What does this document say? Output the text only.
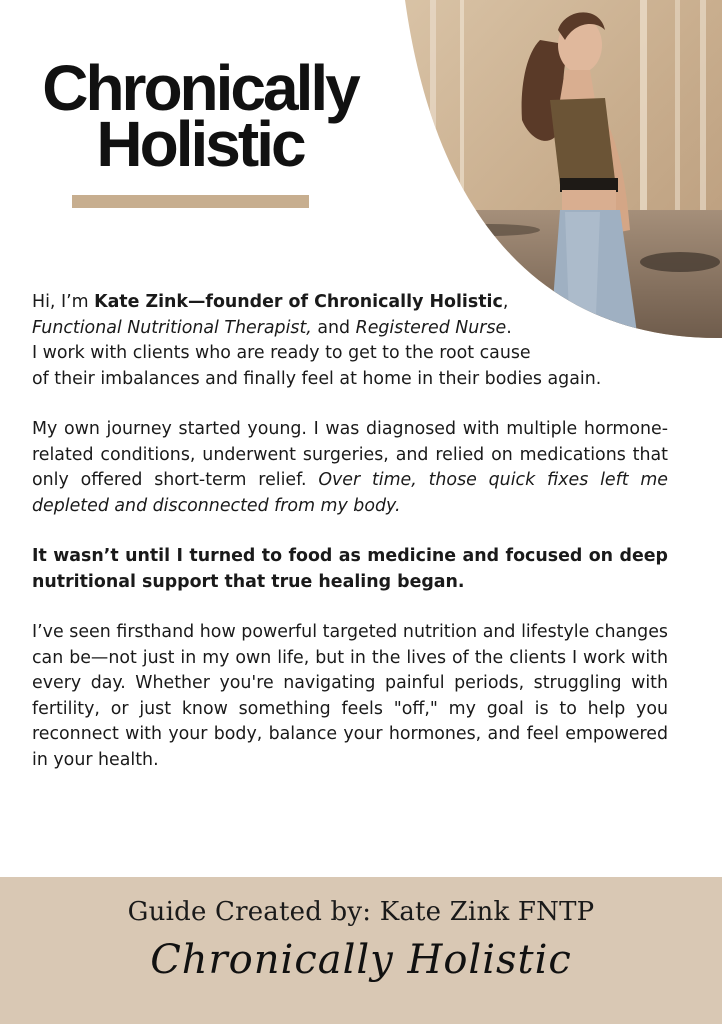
Chronically
Holistic

Hi, I’m Kate Zink—founder of Chronically Holistic,
Functional Nutritional Therapist, and Registered Nurse.
I work with clients who are ready to get to the root cause
of their imbalances and finally feel at home in their bodies again.

My own journey started young. I was diagnosed with multiple hormone-related conditions, underwent surgeries, and relied on medications that only offered short-term relief. Over time, those quick fixes left me depleted and disconnected from my body.

It wasn’t until I turned to food as medicine and focused on deep nutritional support that true healing began.

I’ve seen firsthand how powerful targeted nutrition and lifestyle changes can be—not just in my own life, but in the lives of the clients I work with every day. Whether you're navigating painful periods, struggling with fertility, or just know something feels "off," my goal is to help you reconnect with your body, balance your hormones, and feel empowered in your health.

Guide Created by: Kate Zink FNTP
Chronically Holistic
